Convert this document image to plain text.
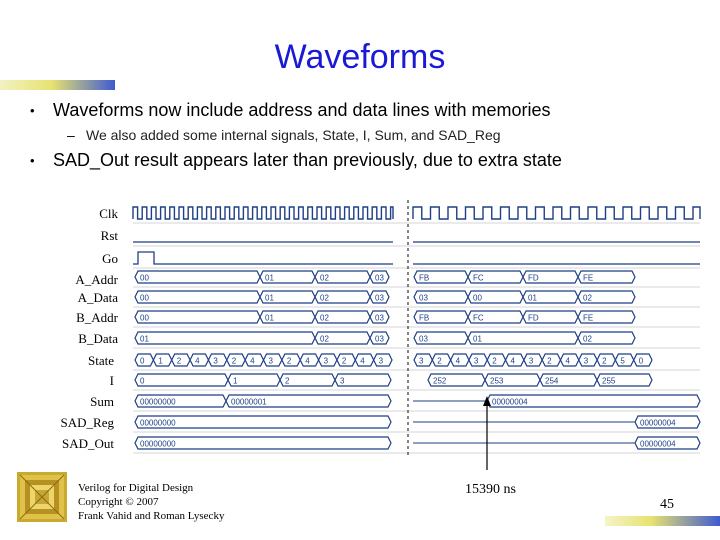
Waveforms
• Waveforms now include address and data lines with memories
– We also added some internal signals, State, I, Sum, and SAD_Reg
• SAD_Out result appears later than previously, due to extra state
Clk
Rst
Go
A_Addr
A_Data
B_Addr
B_Data
State
I
Sum
SAD_Reg
SAD_Out
00	01	02	03	FB	FC	FD	FE
00	01	02	03	03	00	01	02
00	01	02	03	FB	FC	FD	FE
01	02	03	03	01	02
0 1 2 4 3 2 4 3 2 4 3 2 4 3	3 2 4 3 2 4 3 2 4 3 2 5 0
0	1	2	3	252	253	254	255
00000000	00000001	00000004
00000000	00000004
00000000	00000004
Verilog for Digital Design
Copyright © 2007
Frank Vahid and Roman Lysecky
15390 ns
45
